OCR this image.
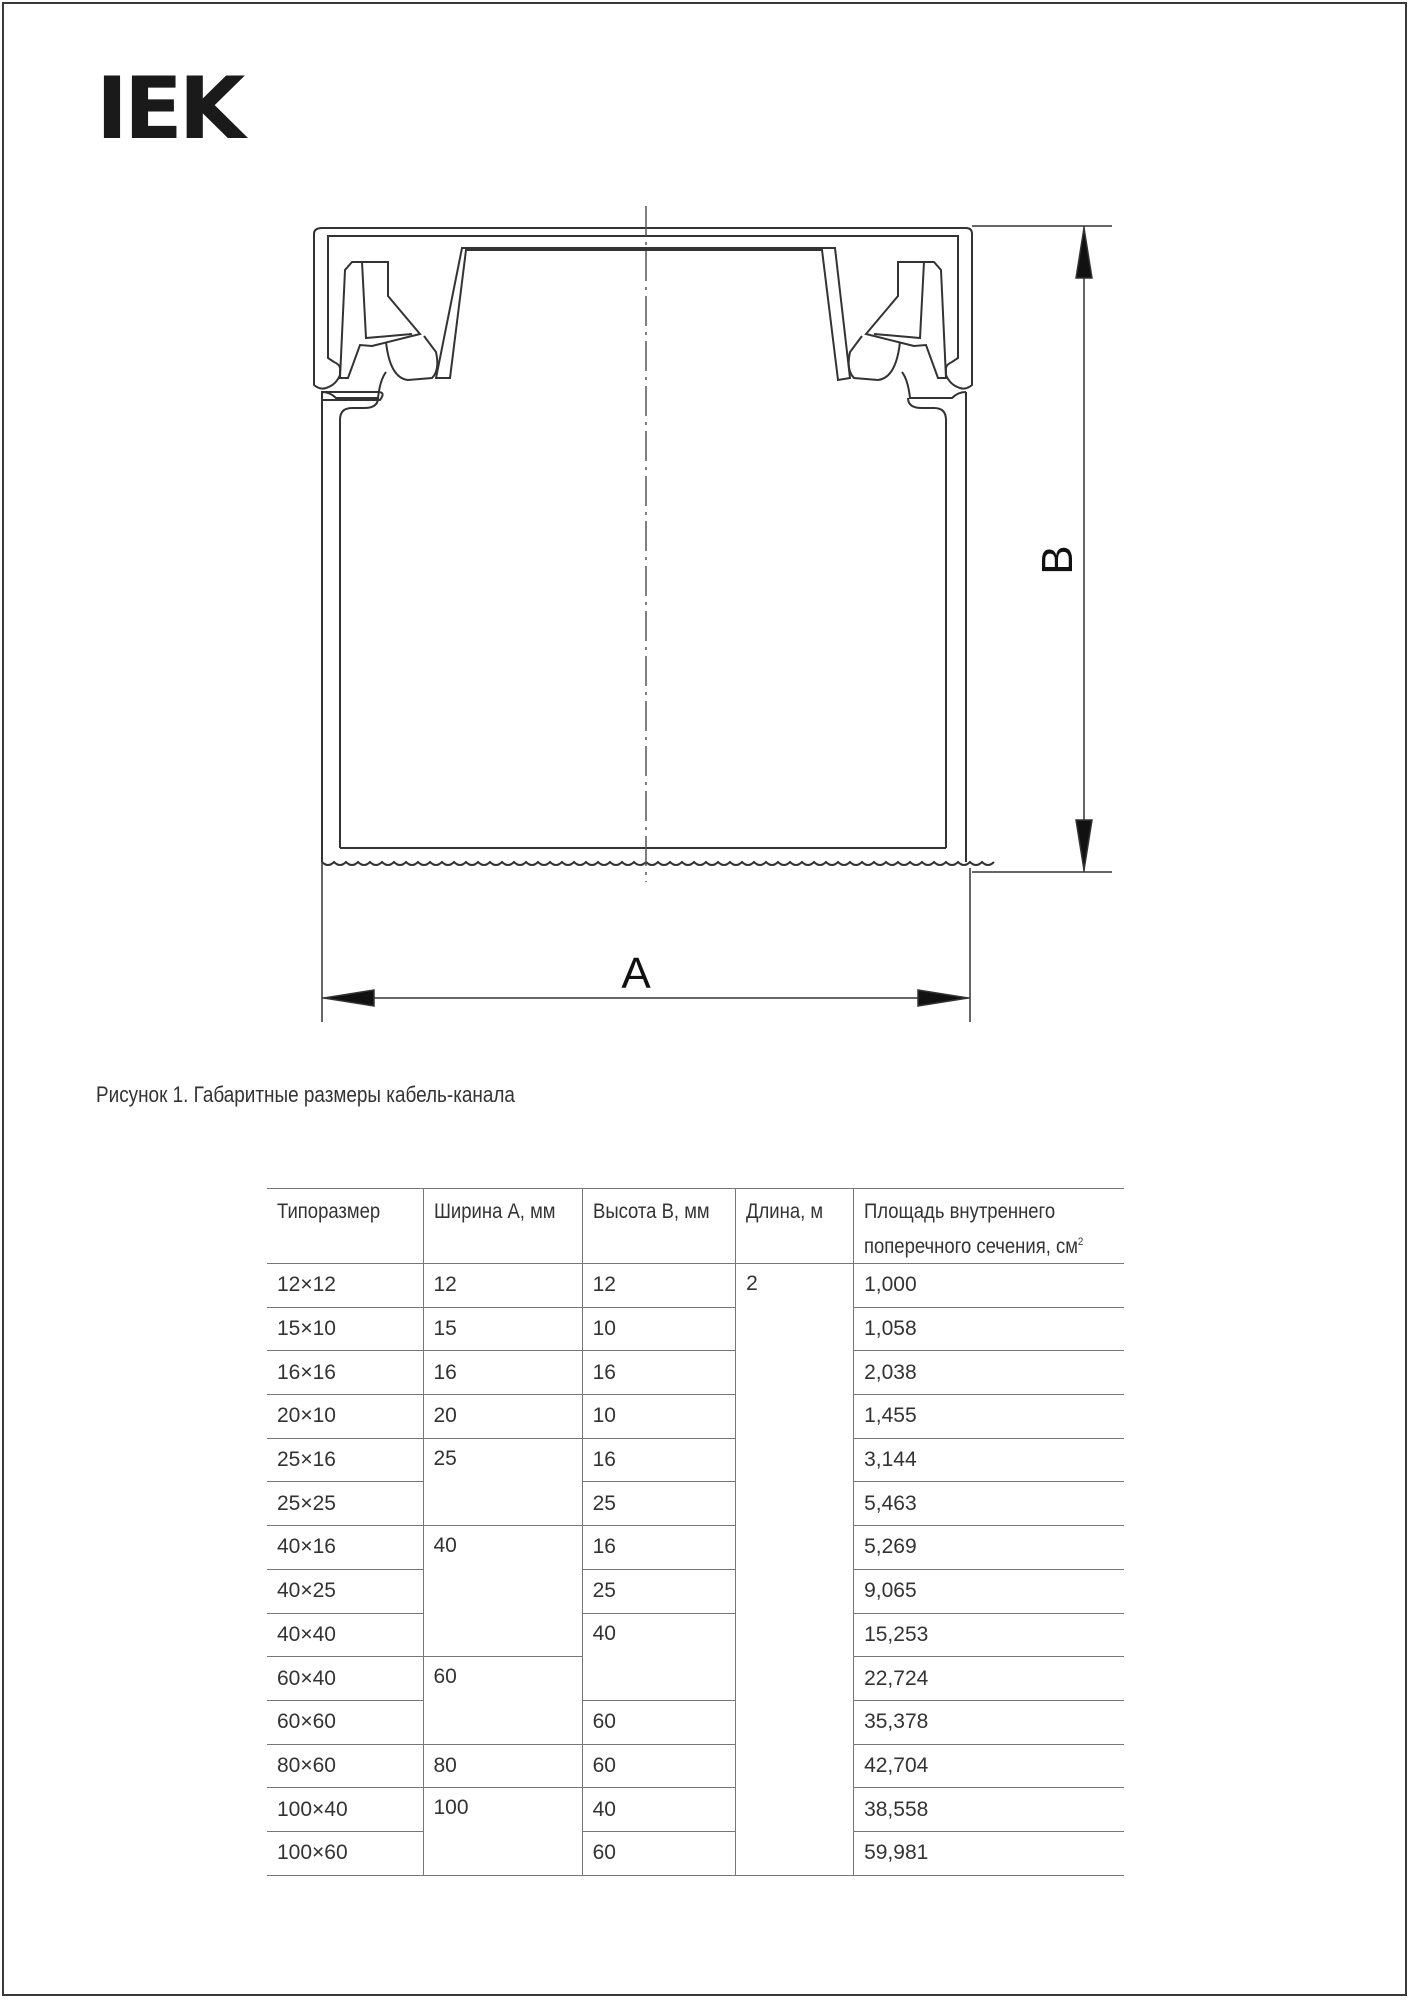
IEK
B
A
Рисунок 1. Габаритные размеры кабель-канала
Типоразмер	Ширина А, мм	Высота В, мм	Длина, м	Площадь внутреннего
поперечного сечения, $см^2$
12×12	12	12	2	1,000
15×10	15	10		1,058
16×16	16	16		2,038
20×10	20	10		1,455
25×16	25	16		3,144
25×25		25		5,463
40×16	40	16		5,269
40×25		25		9,065
40×40		40		15,253
60×40	60			22,724
60×60		60		35,378
80×60	80	60		42,704
100×40	100	40		38,558
100×60		60		59,981
